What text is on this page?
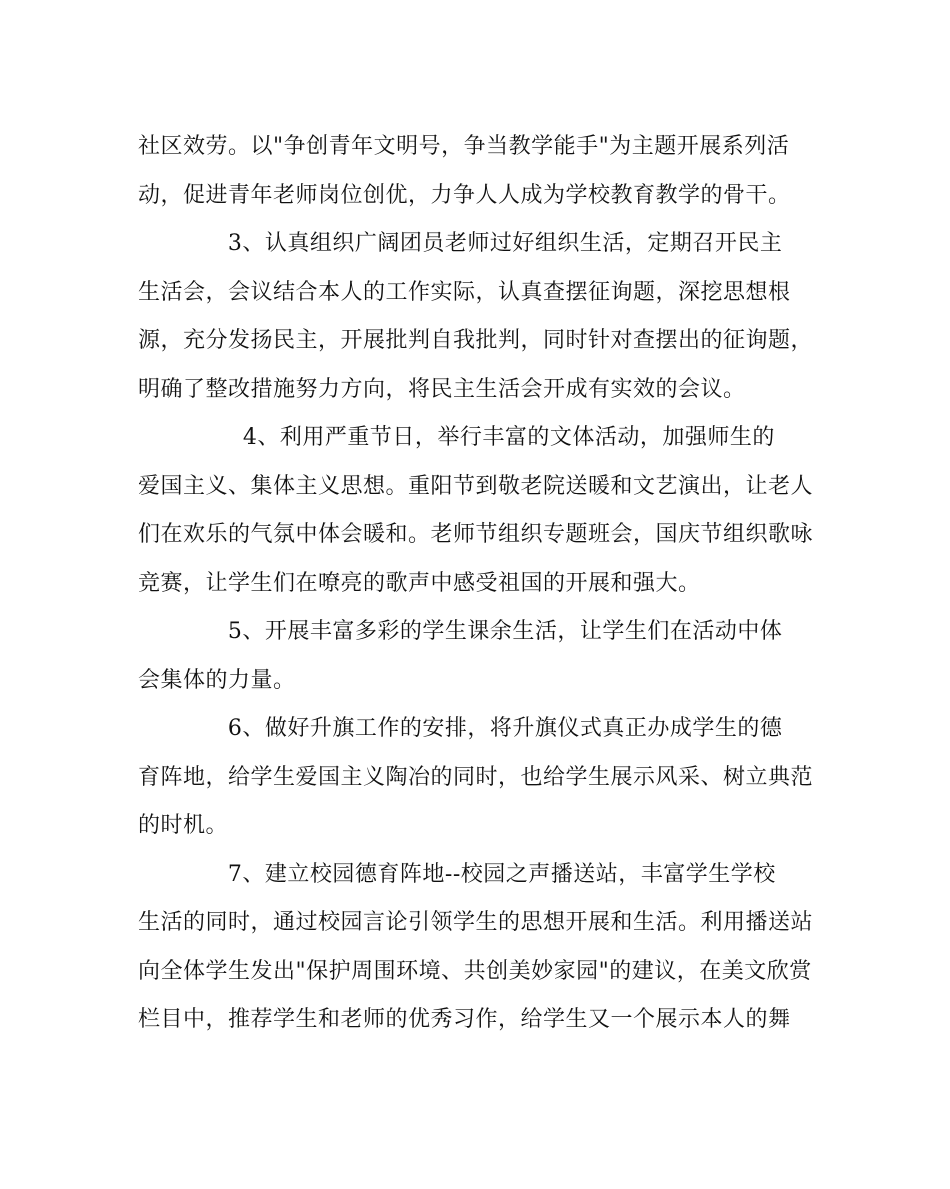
社区效劳。以"争创青年文明号，争当教学能手"为主题开展系列活
动，促进青年老师岗位创优，力争人人成为学校教育教学的骨干。
3、认真组织广阔团员老师过好组织生活，定期召开民主
生活会，会议结合本人的工作实际，认真查摆征询题，深挖思想根
源，充分发扬民主，开展批判自我批判，同时针对查摆出的征询题，
明确了整改措施努力方向，将民主生活会开成有实效的会议。
4、利用严重节日，举行丰富的文体活动，加强师生的
爱国主义、集体主义思想。重阳节到敬老院送暖和文艺演出，让老人
们在欢乐的气氛中体会暖和。老师节组织专题班会，国庆节组织歌咏
竞赛，让学生们在嘹亮的歌声中感受祖国的开展和强大。
5、开展丰富多彩的学生课余生活，让学生们在活动中体
会集体的力量。
6、做好升旗工作的安排，将升旗仪式真正办成学生的德
育阵地，给学生爱国主义陶冶的同时，也给学生展示风采、树立典范
的时机。
7、建立校园德育阵地--校园之声播送站，丰富学生学校
生活的同时，通过校园言论引领学生的思想开展和生活。利用播送站
向全体学生发出"保护周围环境、共创美妙家园"的建议，在美文欣赏
栏目中，推荐学生和老师的优秀习作，给学生又一个展示本人的舞
